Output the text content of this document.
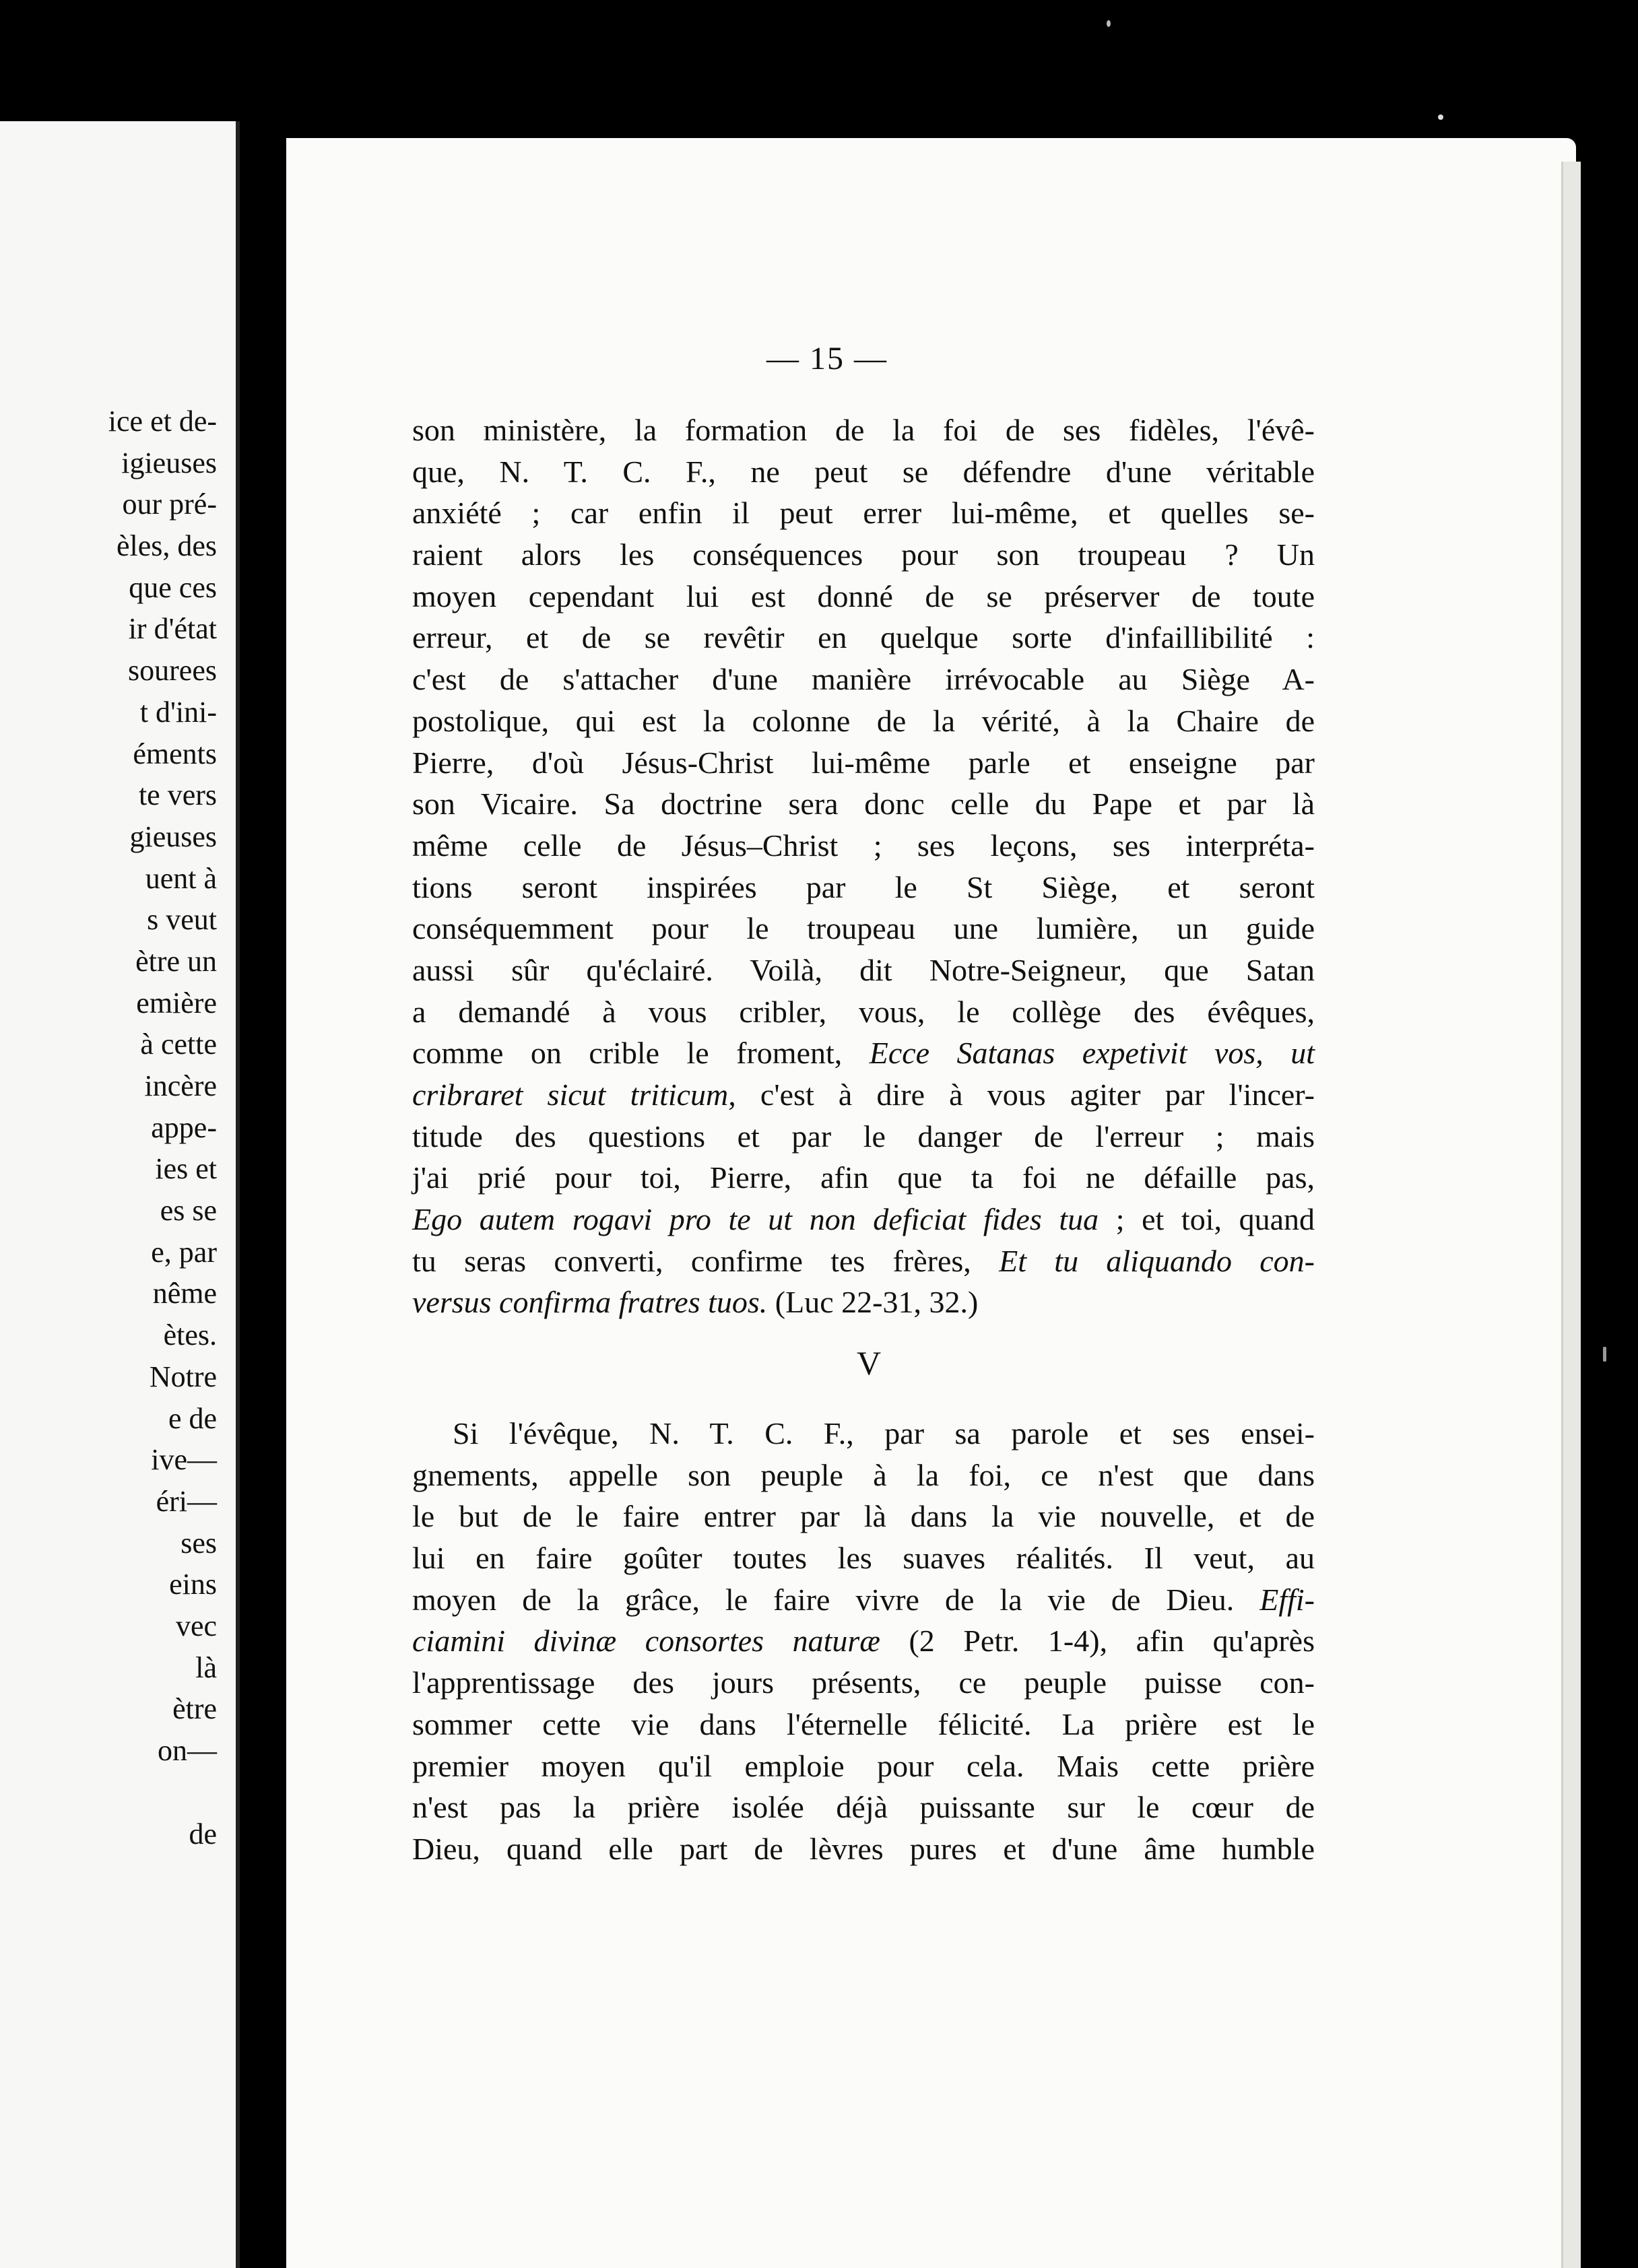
ice et de-
igieuses
our pré-
èles, des
que ces
ir d'état
sourees
t d'ini-
éments
te vers
gieuses
uent à
s veut
ètre un
emière
à cette
incère
appe-
ies et
es se
e, par
nême
ètes.
Notre
e de
ive—
éri—
ses
eins
vec
là
ètre
on—
de
— 15 —
son ministère, la formation de la foi de ses fidèles, l'évê-
que, N. T. C. F., ne peut se défendre d'une véritable
anxiété ; car enfin il peut errer lui-même, et quelles se-
raient alors les conséquences pour son troupeau ? Un
moyen cependant lui est donné de se préserver de toute
erreur, et de se revêtir en quelque sorte d'infaillibilité :
c'est de s'attacher d'une manière irrévocable au Siège A-
postolique, qui est la colonne de la vérité, à la Chaire de
Pierre, d'où Jésus-Christ lui-même parle et enseigne par
son Vicaire. Sa doctrine sera donc celle du Pape et par là
même celle de Jésus–Christ ; ses leçons, ses interpréta-
tions seront inspirées par le St Siège, et seront
conséquemment pour le troupeau une lumière, un guide
aussi sûr qu'éclairé. Voilà, dit Notre-Seigneur, que Satan
a demandé à vous cribler, vous, le collège des évêques,
comme on crible le froment, Ecce Satanas expetivit vos, ut
cribraret sicut triticum, c'est à dire à vous agiter par l'incer-
titude des questions et par le danger de l'erreur ; mais
j'ai prié pour toi, Pierre, afin que ta foi ne défaille pas,
Ego autem rogavi pro te ut non deficiat fides tua ; et toi, quand
tu seras converti, confirme tes frères, Et tu aliquando con-
versus confirma fratres tuos. (Luc 22-31, 32.)
V
Si l'évêque, N. T. C. F., par sa parole et ses ensei-
gnements, appelle son peuple à la foi, ce n'est que dans
le but de le faire entrer par là dans la vie nouvelle, et de
lui en faire goûter toutes les suaves réalités. Il veut, au
moyen de la grâce, le faire vivre de la vie de Dieu. Effi-
ciamini divinæ consortes naturæ (2 Petr. 1-4), afin qu'après
l'apprentissage des jours présents, ce peuple puisse con-
sommer cette vie dans l'éternelle félicité. La prière est le
premier moyen qu'il emploie pour cela. Mais cette prière
n'est pas la prière isolée déjà puissante sur le cœur de
Dieu, quand elle part de lèvres pures et d'une âme humble
